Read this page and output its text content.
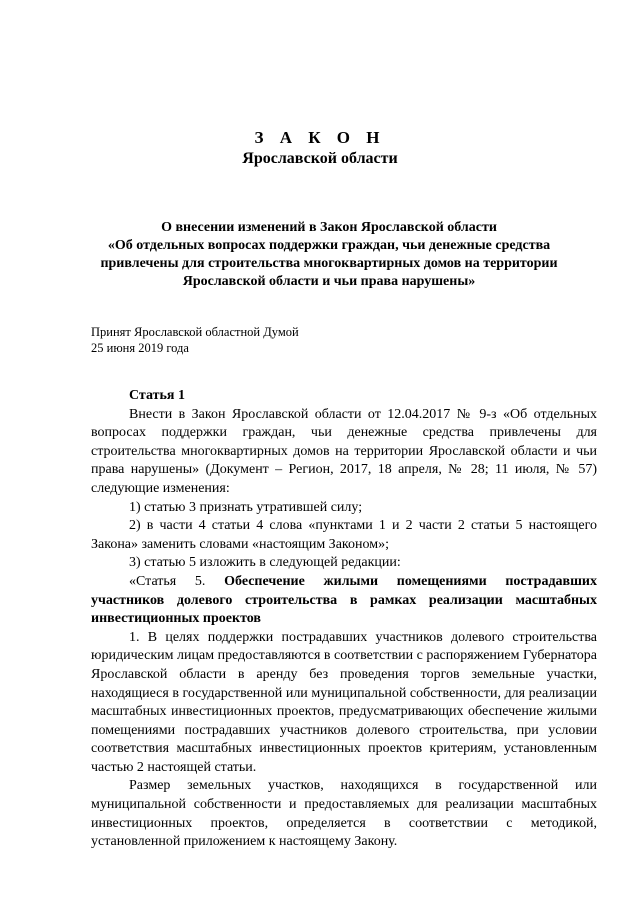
З А К О Н
Ярославской области
О внесении изменений в Закон Ярославской области
«Об отдельных вопросах поддержки граждан, чьи денежные средства
привлечены для строительства многоквартирных домов на территории
Ярославской области и чьи права нарушены»
Принят Ярославской областной Думой
25 июня 2019 года
Статья 1

Внести в Закон Ярославской области от 12.04.2017 № 9-з «Об отдельных вопросах поддержки граждан, чьи денежные средства привлечены для строительства многоквартирных домов на территории Ярославской области и чьи права нарушены» (Документ – Регион, 2017, 18 апреля, № 28; 11 июля, № 57) следующие изменения:

1) статью 3 признать утратившей силу;

2) в части 4 статьи 4 слова «пунктами 1 и 2 части 2 статьи 5 настоящего Закона» заменить словами «настоящим Законом»;

3) статью 5 изложить в следующей редакции:

«Статья 5. Обеспечение жилыми помещениями пострадавших участников долевого строительства в рамках реализации масштабных инвестиционных проектов

1. В целях поддержки пострадавших участников долевого строительства юридическим лицам предоставляются в соответствии с распоряжением Губернатора Ярославской области в аренду без проведения торгов земельные участки, находящиеся в государственной или муниципальной собственности, для реализации масштабных инвестиционных проектов, предусматривающих обеспечение жилыми помещениями пострадавших участников долевого строительства, при условии соответствия масштабных инвестиционных проектов критериям, установленным частью 2 настоящей статьи.

Размер земельных участков, находящихся в государственной или муниципальной собственности и предоставляемых для реализации масштабных инвестиционных проектов, определяется в соответствии с методикой, установленной приложением к настоящему Закону.
